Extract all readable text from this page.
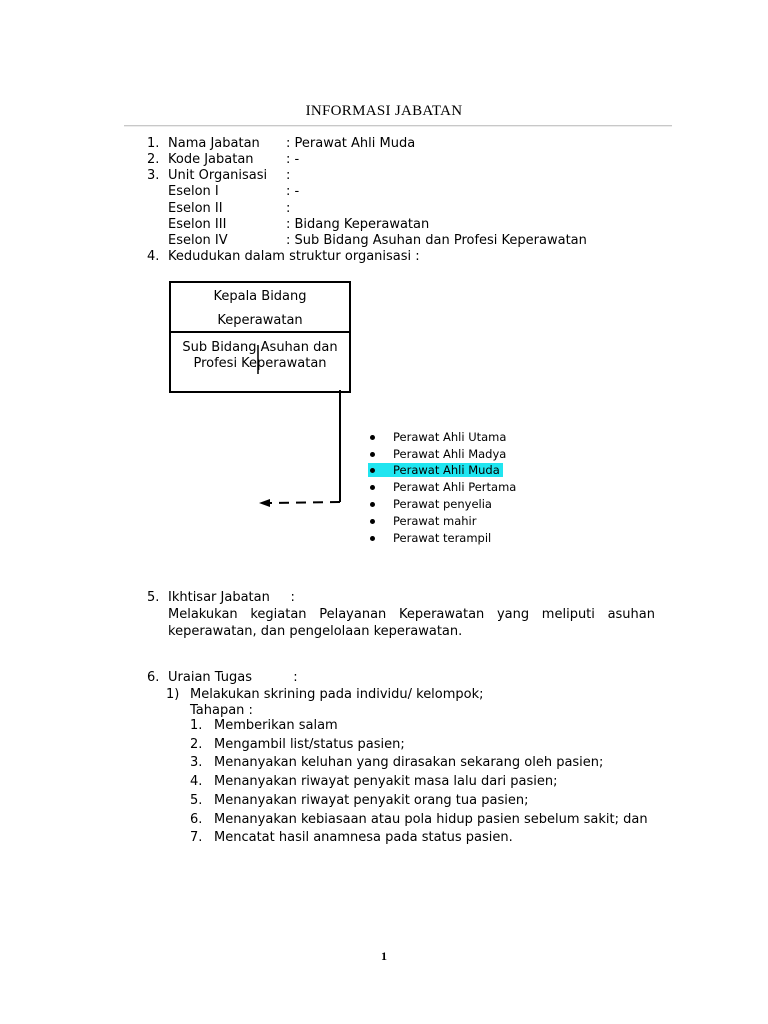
INFORMASI JABATAN
1. Nama Jabatan : Perawat Ahli Muda
2. Kode Jabatan : -
3. Unit Organisasi :
Eselon I	: -
Eselon II	:
Eselon III	: Bidang Keperawatan
Eselon IV	: Sub Bidang Asuhan dan Profesi Keperawatan
4. Kedudukan dalam struktur organisasi :
Kepala Bidang
Keperawatan
Sub Bidang Asuhan dan
Profesi Keperawatan
Perawat Ahli Utama
Perawat Ahli Madya
Perawat Ahli Muda
Perawat Ahli Pertama
Perawat penyelia
Perawat mahir
Perawat terampil
5. Ikhtisar Jabatan     :
Melakukan kegiatan Pelayanan Keperawatan yang meliputi asuhan keperawatan, dan pengelolaan keperawatan.
6. Uraian Tugas          :
1) Melakukan skrining pada individu/ kelompok;
Tahapan :
1. Memberikan salam
2. Mengambil list/status pasien;
3. Menanyakan keluhan yang dirasakan sekarang oleh pasien;
4. Menanyakan riwayat penyakit masa lalu dari pasien;
5. Menanyakan riwayat penyakit orang tua pasien;
6. Menanyakan kebiasaan atau pola hidup pasien sebelum sakit; dan
7. Mencatat hasil anamnesa pada status pasien.
1
